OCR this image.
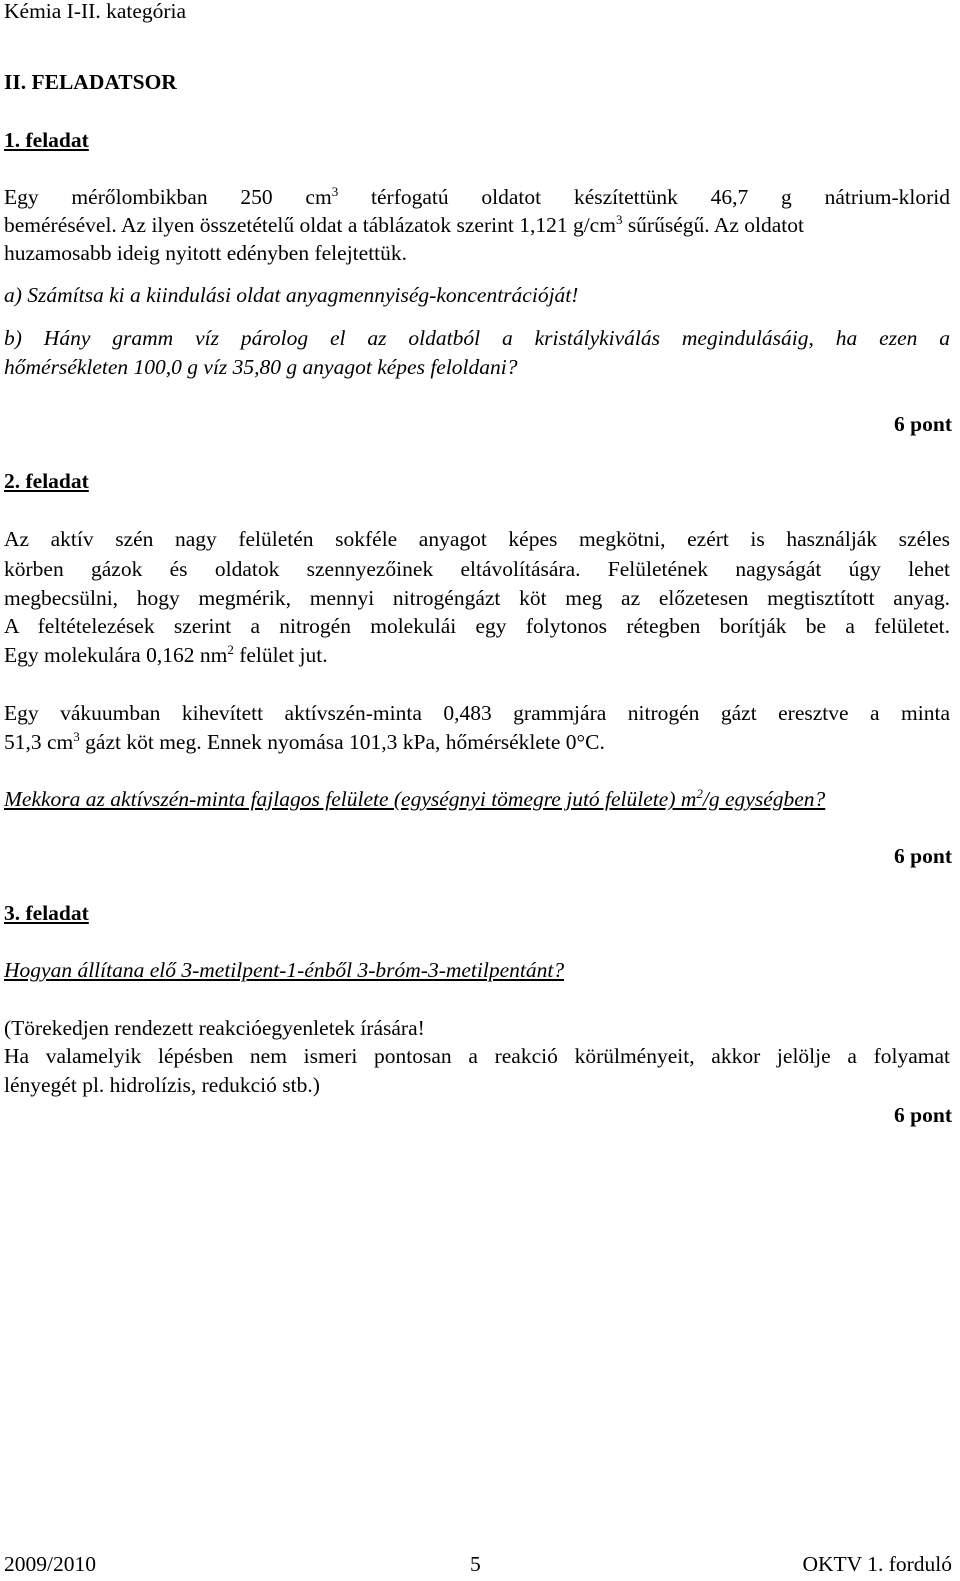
Kémia I-II. kategória

II. FELADATSOR

1. feladat

Egy mérőlombikban 250 $cm^3$ térfogatú oldatot készítettünk 46,7 g nátrium-klorid

bemérésével. Az ilyen összetételű oldat a táblázatok szerint 1,121 $g/cm^3$ sűrűségű. Az oldatot

huzamosabb ideig nyitott edényben felejtettük.

a) Számítsa ki a kiindulási oldat anyagmennyiség-koncentrációját!

b) Hány gramm víz párolog el az oldatból a kristálykiválás megindulásáig, ha ezen a

hőmérsékleten 100,0 g víz 35,80 g anyagot képes feloldani?

6 pont

2. feladat

Az aktív szén nagy felületén sokféle anyagot képes megkötni, ezért is használják széles

körben gázok és oldatok szennyezőinek eltávolítására. Felületének nagyságát úgy lehet

megbecsülni, hogy megmérik, mennyi nitrogéngázt köt meg az előzetesen megtisztított anyag.

A feltételezések szerint a nitrogén molekulái egy folytonos rétegben borítják be a felületet.

Egy molekulára 0,162 $nm^2$ felület jut.

Egy vákuumban kihevített aktívszén-minta 0,483 grammjára nitrogén gázt eresztve a minta

51,3 $cm^3$ gázt köt meg. Ennek nyomása 101,3 kPa, hőmérséklete 0°C.

Mekkora az aktívszén-minta fajlagos felülete (egységnyi tömegre jutó felülete) $m^2/g$ egységben?

6 pont

3. feladat

Hogyan állítana elő 3-metilpent-1-énből 3-bróm-3-metilpentánt?

(Törekedjen rendezett reakcióegyenletek írására!

Ha valamelyik lépésben nem ismeri pontosan a reakció körülményeit, akkor jelölje a folyamat

lényegét pl. hidrolízis, redukció stb.)

6 pont

2009/2010	5	OKTV 1. forduló
